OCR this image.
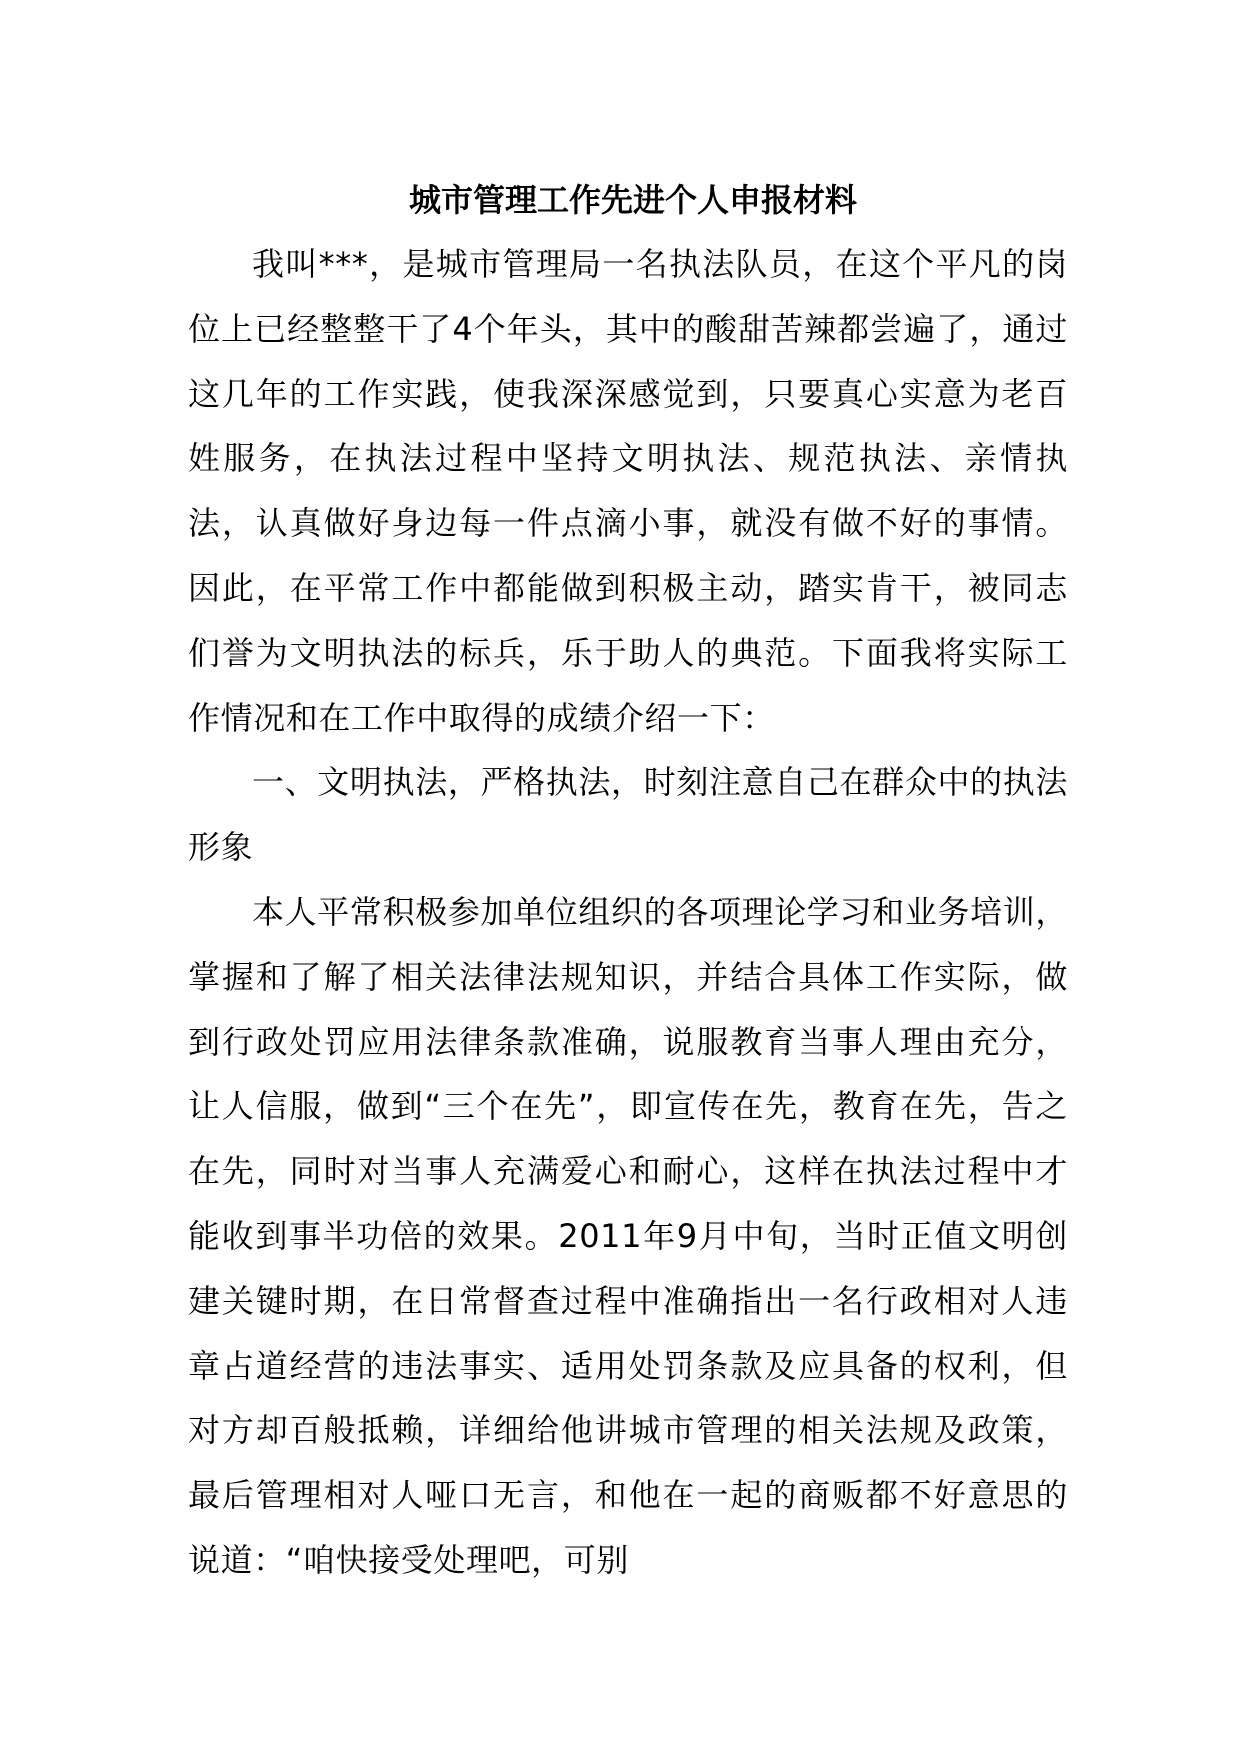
城市管理工作先进个人申报材料

我叫***，是城市管理局一名执法队员，在这个平凡的岗位上已经整整干了4个年头，其中的酸甜苦辣都尝遍了，通过这几年的工作实践，使我深深感觉到，只要真心实意为老百姓服务，在执法过程中坚持文明执法、规范执法、亲情执法，认真做好身边每一件点滴小事，就没有做不好的事情。因此，在平常工作中都能做到积极主动，踏实肯干，被同志们誉为文明执法的标兵，乐于助人的典范。下面我将实际工作情况和在工作中取得的成绩介绍一下：

一、文明执法，严格执法，时刻注意自己在群众中的执法形象

本人平常积极参加单位组织的各项理论学习和业务培训，掌握和了解了相关法律法规知识，并结合具体工作实际，做到行政处罚应用法律条款准确，说服教育当事人理由充分，让人信服，做到“三个在先”，即宣传在先，教育在先，告之在先，同时对当事人充满爱心和耐心，这样在执法过程中才能收到事半功倍的效果。2011年9月中旬，当时正值文明创建关键时期，在日常督查过程中准确指出一名行政相对人违章占道经营的违法事实、适用处罚条款及应具备的权利，但对方却百般抵赖，详细给他讲城市管理的相关法规及政策，最后管理相对人哑口无言，和他在一起的商贩都不好意思的说道：“咱快接受处理吧，可别
